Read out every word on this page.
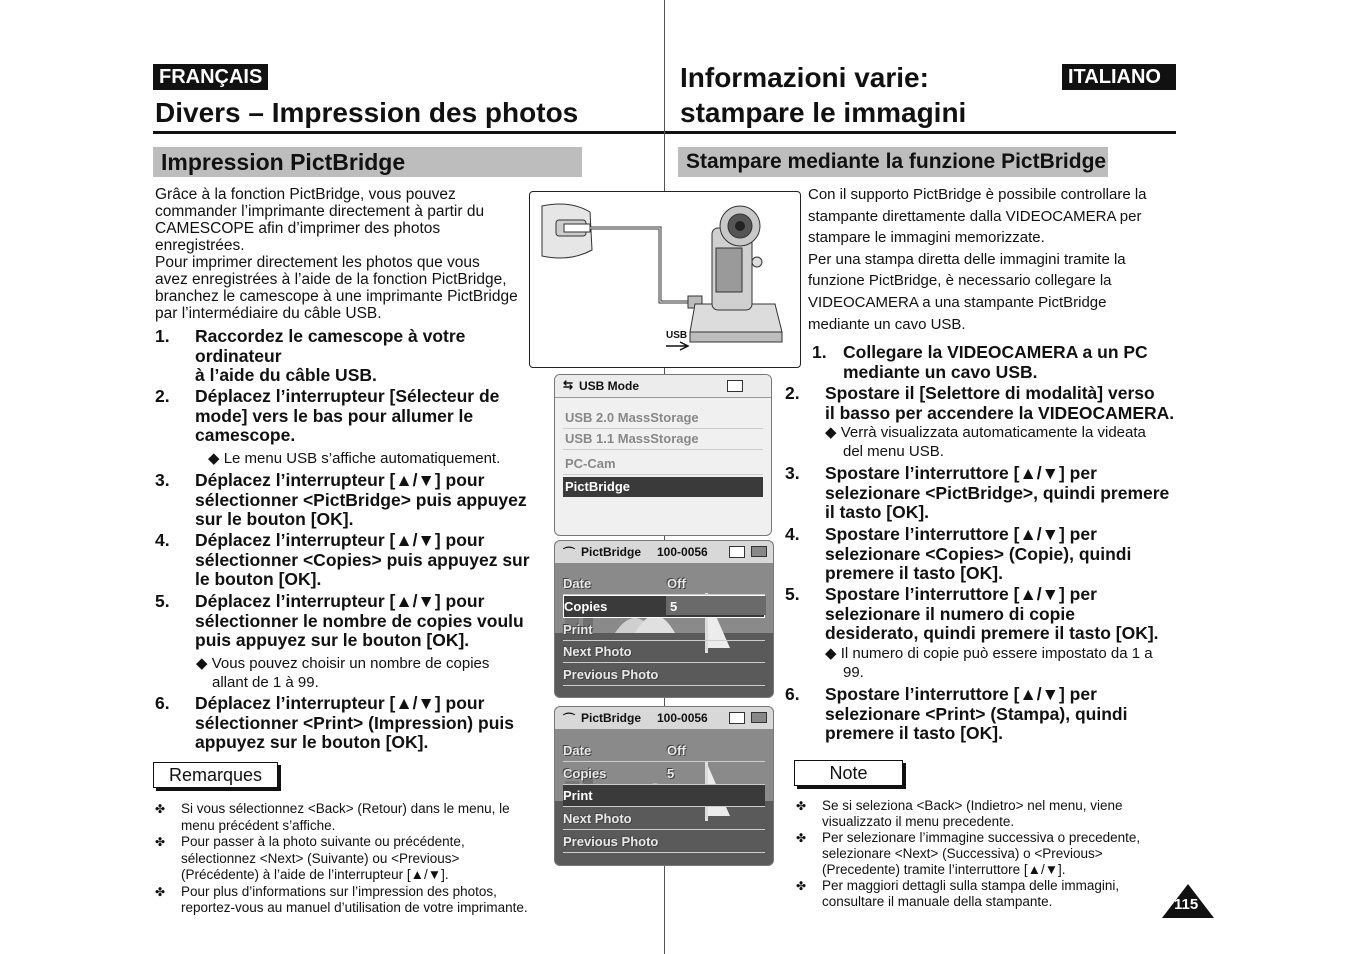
FRANÇAIS
Divers – Impression des photos
Impression PictBridge
Grâce à la fonction PictBridge, vous pouvez
commander l’imprimante directement à partir du
CAMESCOPE afin d’imprimer des photos
enregistrées.
Pour imprimer directement les photos que vous
avez enregistrées à l’aide de la fonction PictBridge,
branchez le camescope à une imprimante PictBridge
par l’intermédiaire du câble USB.
1. Raccordez le camescope à votre
ordinateur
à l’aide du câble USB.
2. Déplacez l’interrupteur [Sélecteur de
mode] vers le bas pour allumer le
camescope.
◆ Le menu USB s’affiche automatiquement.
3. Déplacez l’interrupteur [▲/▼] pour
sélectionner <PictBridge> puis appuyez
sur le bouton [OK].
4. Déplacez l’interrupteur [▲/▼] pour
sélectionner <Copies> puis appuyez sur
le bouton [OK].
5. Déplacez l’interrupteur [▲/▼] pour
sélectionner le nombre de copies voulu
puis appuyez sur le bouton [OK].
◆ Vous pouvez choisir un nombre de copies
allant de 1 à 99.
6. Déplacez l’interrupteur [▲/▼] pour
sélectionner <Print> (Impression) puis
appuyez sur le bouton [OK].
Remarques
✤ Si vous sélectionnez <Back> (Retour) dans le menu, le
menu précédent s’affiche.
✤ Pour passer à la photo suivante ou précédente,
sélectionnez <Next> (Suivante) ou <Previous>
(Précédente) à l’aide de l’interrupteur [▲/▼].
✤ Pour plus d’informations sur l’impression des photos,
reportez-vous au manuel d’utilisation de votre imprimante.
USB
⇆ USB Mode
USB 2.0 MassStorage
USB 1.1 MassStorage
PC-Cam
PictBridge
⌒ PictBridge 100-0056
Date	Off
Copies	5
Print
Next Photo
Previous Photo
⌒ PictBridge 100-0056
Date	Off
Copies	5
Print
Next Photo
Previous Photo
Informazioni varie:
stampare le immagini
ITALIANO
Stampare mediante la funzione PictBridge
Con il supporto PictBridge è possibile controllare la
stampante direttamente dalla VIDEOCAMERA per
stampare le immagini memorizzate.
Per una stampa diretta delle immagini tramite la
funzione PictBridge, è necessario collegare la
VIDEOCAMERA a una stampante PictBridge
mediante un cavo USB.
1. Collegare la VIDEOCAMERA a un PC
mediante un cavo USB.
2. Spostare il [Selettore di modalità] verso
il basso per accendere la VIDEOCAMERA.
◆ Verrà visualizzata automaticamente la videata
del menu USB.
3. Spostare l’interruttore [▲/▼] per
selezionare <PictBridge>, quindi premere
il tasto [OK].
4. Spostare l’interruttore [▲/▼] per
selezionare <Copies> (Copie), quindi
premere il tasto [OK].
5. Spostare l’interruttore [▲/▼] per
selezionare il numero di copie
desiderato, quindi premere il tasto [OK].
◆ Il numero di copie può essere impostato da 1 a
99.
6. Spostare l’interruttore [▲/▼] per
selezionare <Print> (Stampa), quindi
premere il tasto [OK].
Note
✤ Se si seleziona <Back> (Indietro> nel menu, viene
visualizzato il menu precedente.
✤ Per selezionare l’immagine successiva o precedente,
selezionare <Next> (Successiva) o <Previous>
(Precedente) tramite l’interruttore [▲/▼].
✤ Per maggiori dettagli sulla stampa delle immagini,
consultare il manuale della stampante.	115
